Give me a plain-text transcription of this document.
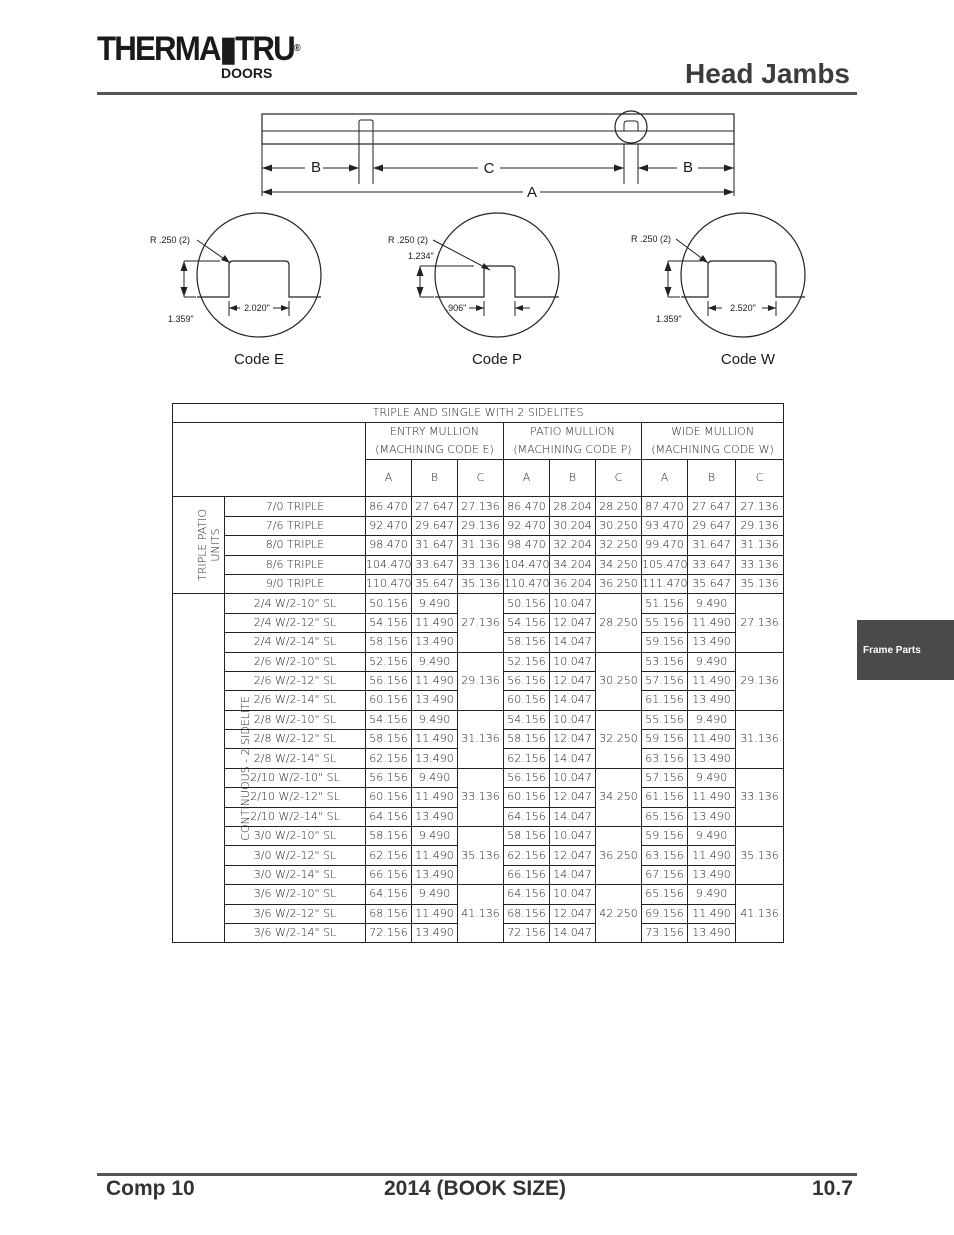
THERMA▮TRU®
DOORS	Head Jambs
B	C	B
A
R .250 (2)
1.359"
2.020"
Code E
R .250 (2)
1.234"
.906"
Code P
R .250 (2)
1.359"
2.520"
Code W
TRIPLE AND SINGLE WITH 2 SIDELITES										
		ENTRY MULLION
(MACHINING CODE E)			PATIO MULLION
(MACHINING CODE P)			WIDE MULLION
(MACHINING CODE W)		
		A	B	C	A	B	C	A	B	C
TRIPLE PATIO
UNITS	7/0 TRIPLE	86.470	27.647	27.136	86.470	28.204	28.250	87.470	27.647	27.136
	7/6 TRIPLE	92.470	29.647	29.136	92.470	30.204	30.250	93.470	29.647	29.136
	8/0 TRIPLE	98.470	31.647	31.136	98.470	32.204	32.250	99.470	31.647	31.136
	8/6 TRIPLE	104.470	33.647	33.136	104.470	34.204	34.250	105.470	33.647	33.136
	9/0 TRIPLE	110.470	35.647	35.136	110.470	36.204	36.250	111.470	35.647	35.136
CONTINUOUS - 2 SIDELITE	2/4 W/2-10" SL	50.156	9.490	27.136	50.156	10.047	28.250	51.156	9.490	27.136
	2/4 W/2-12" SL	54.156	11.490		54.156	12.047		55.156	11.490	
	2/4 W/2-14" SL	58.156	13.490		58.156	14.047		59.156	13.490	
	2/6 W/2-10" SL	52.156	9.490	29.136	52.156	10.047	30.250	53.156	9.490	29.136
	2/6 W/2-12" SL	56.156	11.490		56.156	12.047		57.156	11.490	
	2/6 W/2-14" SL	60.156	13.490		60.156	14.047		61.156	13.490	
	2/8 W/2-10" SL	54.156	9.490	31.136	54.156	10.047	32.250	55.156	9.490	31.136
	2/8 W/2-12" SL	58.156	11.490		58.156	12.047		59.156	11.490	
	2/8 W/2-14" SL	62.156	13.490		62.156	14.047		63.156	13.490	
	2/10 W/2-10" SL	56.156	9.490	33.136	56.156	10.047	34.250	57.156	9.490	33.136
	2/10 W/2-12" SL	60.156	11.490		60.156	12.047		61.156	11.490	
	2/10 W/2-14" SL	64.156	13.490		64.156	14.047		65.156	13.490	
	3/0 W/2-10" SL	58.156	9.490	35.136	58.156	10.047	36.250	59.156	9.490	35.136
	3/0 W/2-12" SL	62.156	11.490		62.156	12.047		63.156	11.490	
	3/0 W/2-14" SL	66.156	13.490		66.156	14.047		67.156	13.490	
	3/6 W/2-10" SL	64.156	9.490	41.136	64.156	10.047	42.250	65.156	9.490	41.136
	3/6 W/2-12" SL	68.156	11.490		68.156	12.047		69.156	11.490	
	3/6 W/2-14" SL	72.156	13.490		72.156	14.047		73.156	13.490	
Frame Parts
Comp 10	2014 (BOOK SIZE)	10.7
